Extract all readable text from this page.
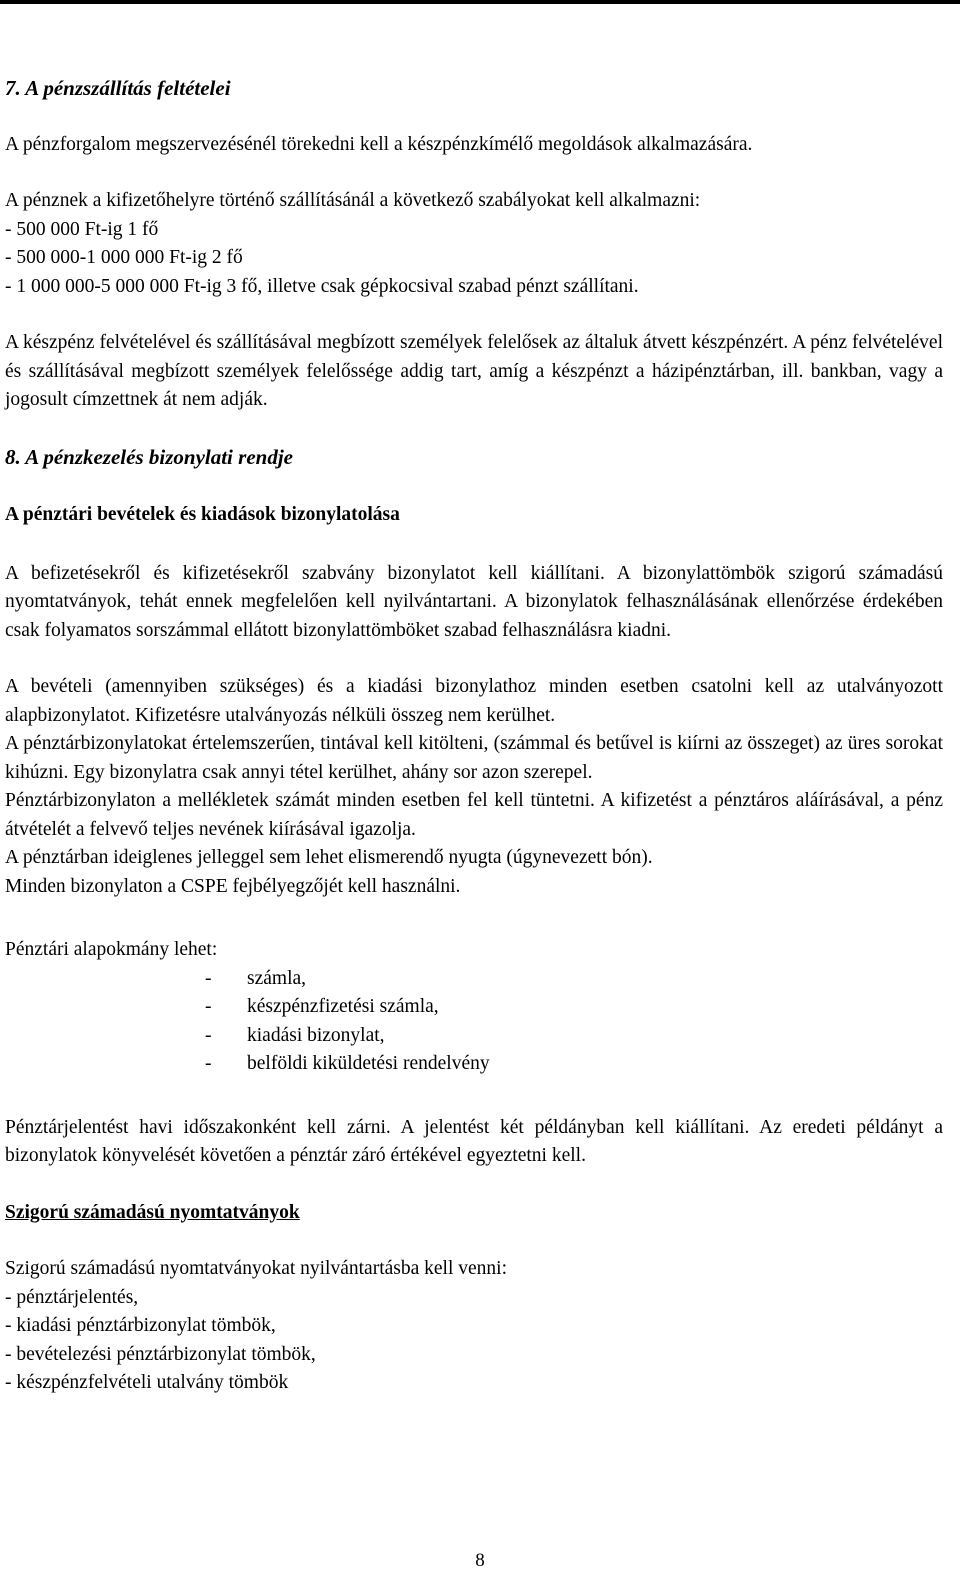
7. A pénzszállítás feltételei

A pénzforgalom megszervezésénél törekedni kell a készpénzkímélő megoldások alkalmazására.

A pénznek a kifizetőhelyre történő szállításánál a következő szabályokat kell alkalmazni:

- 500 000 Ft-ig 1 fő
- 500 000-1 000 000 Ft-ig 2 fő
- 1 000 000-5 000 000 Ft-ig 3 fő, illetve csak gépkocsival szabad pénzt szállítani.

A készpénz felvételével és szállításával megbízott személyek felelősek az általuk átvett készpénzért. A pénz felvételével és szállításával megbízott személyek felelőssége addig tart, amíg a készpénzt a házipénztárban, ill. bankban, vagy a jogosult címzettnek át nem adják.

8. A pénzkezelés bizonylati rendje

A pénztári bevételek és kiadások bizonylatolása

A befizetésekről és kifizetésekről szabvány bizonylatot kell kiállítani. A bizonylattömbök szigorú számadású nyomtatványok, tehát ennek megfelelően kell nyilvántartani. A bizonylatok felhasználásának ellenőrzése érdekében csak folyamatos sorszámmal ellátott bizonylattömböket szabad felhasználásra kiadni.

A bevételi (amennyiben szükséges) és a kiadási bizonylathoz minden esetben csatolni kell az utalványozott alapbizonylatot. Kifizetésre utalványozás nélküli összeg nem kerülhet.

A pénztárbizonylatokat értelemszerűen, tintával kell kitölteni, (számmal és betűvel is kiírni az összeget) az üres sorokat kihúzni. Egy bizonylatra csak annyi tétel kerülhet, ahány sor azon szerepel.

Pénztárbizonylaton a mellékletek számát minden esetben fel kell tüntetni. A kifizetést a pénztáros aláírásával, a pénz átvételét a felvevő teljes nevének kiírásával igazolja.

A pénztárban ideiglenes jelleggel sem lehet elismerendő nyugta (úgynevezett bón).

Minden bizonylaton a CSPE fejbélyegzőjét kell használni.

Pénztári alapokmány lehet:

- számla,
- készpénzfizetési számla,
- kiadási bizonylat,
- belföldi kiküldetési rendelvény

Pénztárjelentést havi időszakonként kell zárni. A jelentést két példányban kell kiállítani. Az eredeti példányt a bizonylatok könyvelését követően a pénztár záró értékével egyeztetni kell.

Szigorú számadású nyomtatványok

Szigorú számadású nyomtatványokat nyilvántartásba kell venni:

- pénztárjelentés,
- kiadási pénztárbizonylat tömbök,
- bevételezési pénztárbizonylat tömbök,
- készpénzfelvételi utalvány tömbök
8
